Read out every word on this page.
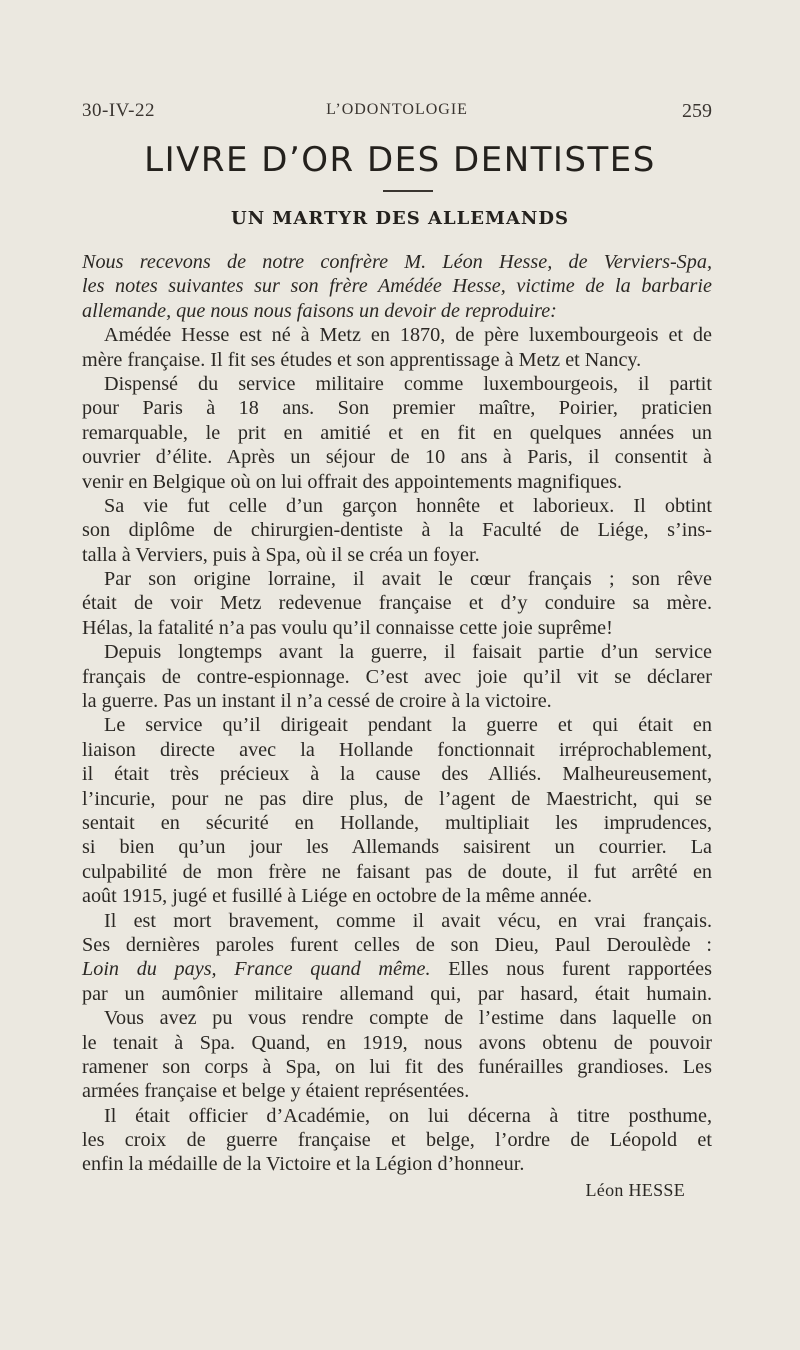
30-IV-22	L’ODONTOLOGIE	259
LIVRE D’OR DES DENTISTES
UN MARTYR DES ALLEMANDS
Nous recevons de notre confrère M. Léon Hesse, de Verviers-Spa,
les notes suivantes sur son frère Amédée Hesse, victime de la barbarie
allemande, que nous nous faisons un devoir de reproduire:
Amédée Hesse est né à Metz en 1870, de père luxembourgeois et de
mère française. Il fit ses études et son apprentissage à Metz et Nancy.
Dispensé du service militaire comme luxembourgeois, il partit
pour Paris à 18 ans. Son premier maître, Poirier, praticien
remarquable, le prit en amitié et en fit en quelques années un
ouvrier d’élite. Après un séjour de 10 ans à Paris, il consentit à
venir en Belgique où on lui offrait des appointements magnifiques.
Sa vie fut celle d’un garçon honnête et laborieux. Il obtint
son diplôme de chirurgien-dentiste à la Faculté de Liége, s’ins-
talla à Verviers, puis à Spa, où il se créa un foyer.
Par son origine lorraine, il avait le cœur français ; son rêve
était de voir Metz redevenue française et d’y conduire sa mère.
Hélas, la fatalité n’a pas voulu qu’il connaisse cette joie suprême!
Depuis longtemps avant la guerre, il faisait partie d’un service
français de contre-espionnage. C’est avec joie qu’il vit se déclarer
la guerre. Pas un instant il n’a cessé de croire à la victoire.
Le service qu’il dirigeait pendant la guerre et qui était en
liaison directe avec la Hollande fonctionnait irréprochablement,
il était très précieux à la cause des Alliés. Malheureusement,
l’incurie, pour ne pas dire plus, de l’agent de Maestricht, qui se
sentait en sécurité en Hollande, multipliait les imprudences,
si bien qu’un jour les Allemands saisirent un courrier. La
culpabilité de mon frère ne faisant pas de doute, il fut arrêté en
août 1915, jugé et fusillé à Liége en octobre de la même année.
Il est mort bravement, comme il avait vécu, en vrai français.
Ses dernières paroles furent celles de son Dieu, Paul Deroulède :
Loin du pays, France quand même. Elles nous furent rapportées
par un aumônier militaire allemand qui, par hasard, était humain.
Vous avez pu vous rendre compte de l’estime dans laquelle on
le tenait à Spa. Quand, en 1919, nous avons obtenu de pouvoir
ramener son corps à Spa, on lui fit des funérailles grandioses. Les
armées française et belge y étaient représentées.
Il était officier d’Académie, on lui décerna à titre posthume,
les croix de guerre française et belge, l’ordre de Léopold et
enfin la médaille de la Victoire et la Légion d’honneur.
Léon HESSE
